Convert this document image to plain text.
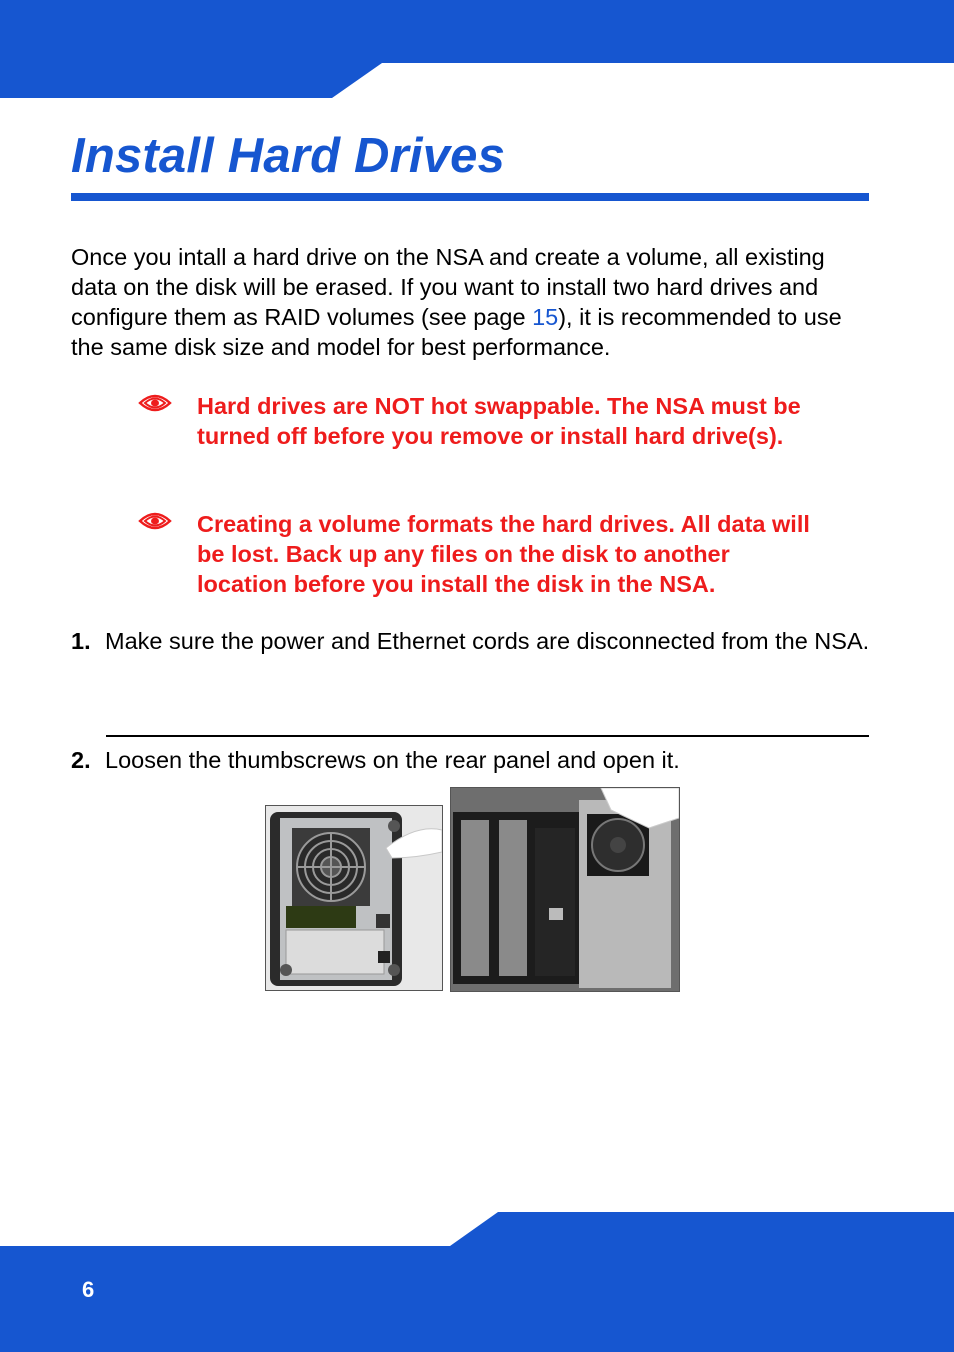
Install Hard Drives

Once you intall a hard drive on the NSA and create a volume, all existing data on the disk will be erased. If you want to install two hard drives and configure them as RAID volumes (see page 15), it is recommended to use the same disk size and model for best performance.

Hard drives are NOT hot swappable. The NSA must be turned off before you remove or install hard drive(s).

Creating a volume formats the hard drives. All data will be lost. Back up any files on the disk to another location before you install the disk in the NSA.

1. Make sure the power and Ethernet cords are disconnected from the NSA.

2. Loosen the thumbscrews on the rear panel and open it.

6
